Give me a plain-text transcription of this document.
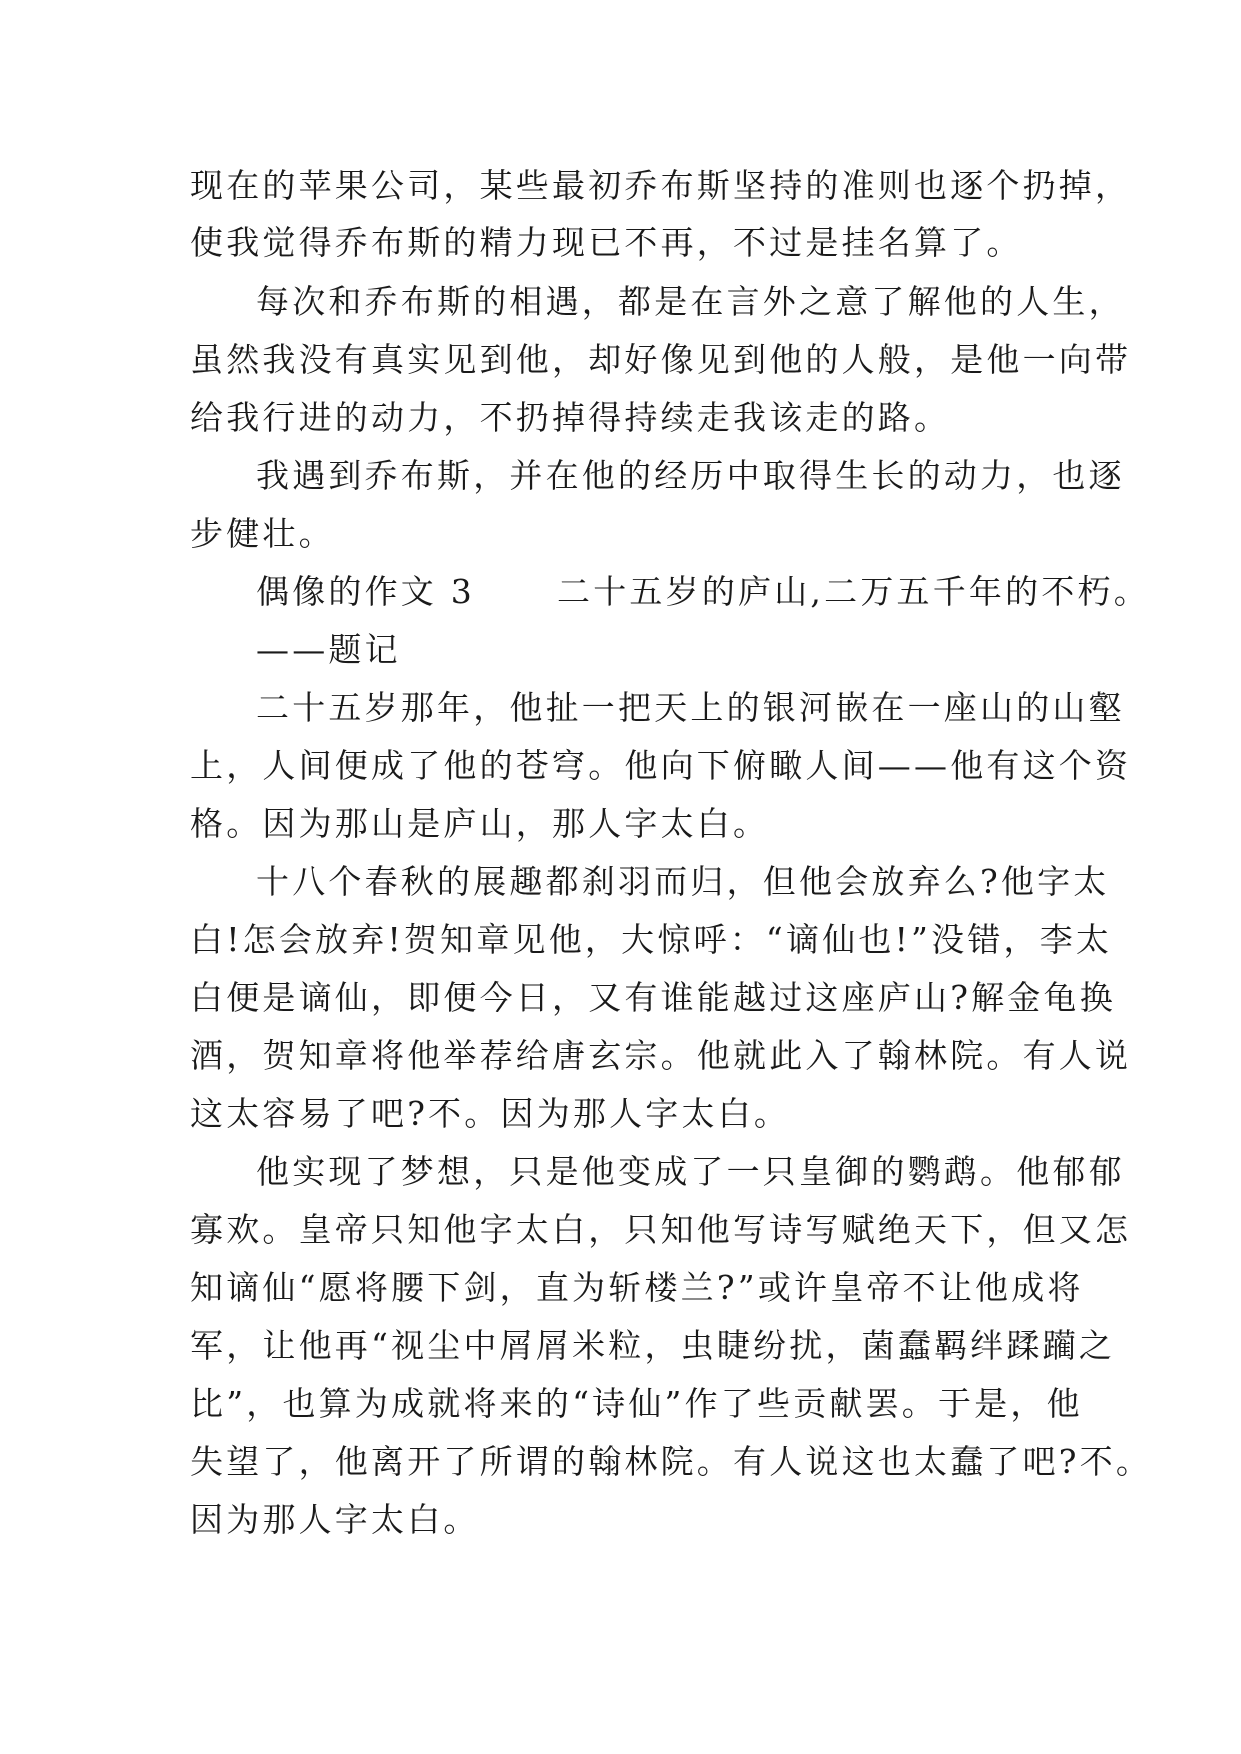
现在的苹果公司，某些最初乔布斯坚持的准则也逐个扔掉，
使我觉得乔布斯的精力现已不再，不过是挂名算了。
每次和乔布斯的相遇，都是在言外之意了解他的人生，
虽然我没有真实见到他，却好像见到他的人般，是他一向带
给我行进的动力，不扔掉得持续走我该走的路。
我遇到乔布斯，并在他的经历中取得生长的动力，也逐
步健壮。
偶像的作文 3      二十五岁的庐山,二万五千年的不朽。
——题记
二十五岁那年，他扯一把天上的银河嵌在一座山的山壑
上，人间便成了他的苍穹。他向下俯瞰人间——他有这个资
格。因为那山是庐山，那人字太白。
十八个春秋的展趣都刹羽而归，但他会放弃么?他字太
白!怎会放弃!贺知章见他，大惊呼：“谪仙也!”没错，李太
白便是谪仙，即便今日，又有谁能越过这座庐山?解金龟换
酒，贺知章将他举荐给唐玄宗。他就此入了翰林院。有人说
这太容易了吧?不。因为那人字太白。
他实现了梦想，只是他变成了一只皇御的鹦鹉。他郁郁
寡欢。皇帝只知他字太白，只知他写诗写赋绝天下，但又怎
知谪仙“愿将腰下剑，直为斩楼兰?”或许皇帝不让他成将
军，让他再“视尘中屑屑米粒，虫睫纷扰，菌蠢羁绊蹂躏之
比”，也算为成就将来的“诗仙”作了些贡献罢。于是，他
失望了，他离开了所谓的翰林院。有人说这也太蠢了吧?不。
因为那人字太白。
